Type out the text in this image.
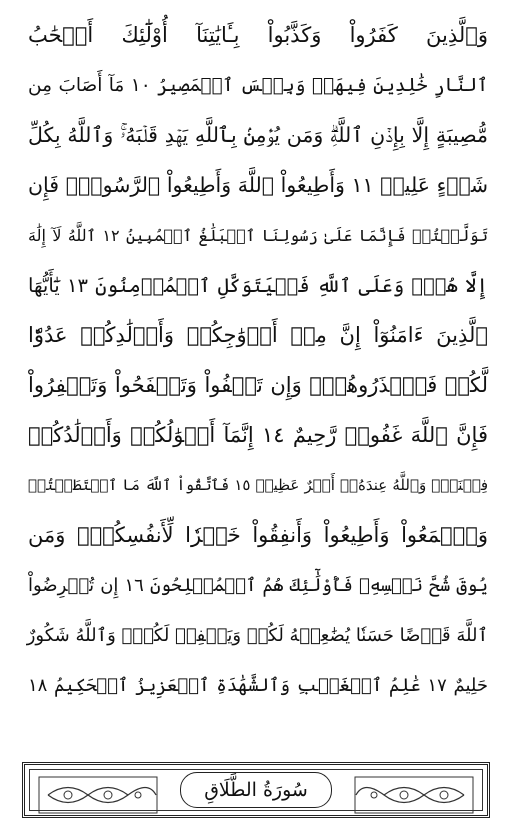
وَٱلَّذِينَ كَفَرُواْ وَكَذَّبُواْ بِـَٔايَٰتِنَآ أُوْلَٰٓئِكَ أَصۡحَٰبُ
ٱلنَّارِ خَٰلِدِينَ فِيهَاۖ وَبِئۡسَ ٱلۡمَصِيرُ ١٠ مَآ أَصَابَ مِن
مُّصِيبَةٍ إِلَّا بِإِذۡنِ ٱللَّهِۗ وَمَن يُؤۡمِنۢ بِٱللَّهِ يَهۡدِ قَلۡبَهُۥۚ وَٱللَّهُ بِكُلِّ
شَيۡءٍ عَلِيمٞ ١١ وَأَطِيعُواْ ٱللَّهَ وَأَطِيعُواْ ٱلرَّسُولَۚ فَإِن
تَوَلَّيۡتُمۡ فَإِنَّمَا عَلَىٰ رَسُولِنَا ٱلۡبَلَٰغُ ٱلۡمُبِينُ ١٢ ٱللَّهُ لَآ إِلَٰهَ
إِلَّا هُوَۚ وَعَلَى ٱللَّهِ فَلۡيَتَوَكَّلِ ٱلۡمُؤۡمِنُونَ ١٣ يَٰٓأَيُّهَا
ٱلَّذِينَ ءَامَنُوٓاْ إِنَّ مِنۡ أَزۡوَٰجِكُمۡ وَأَوۡلَٰدِكُمۡ عَدُوّٗا
لَّكُمۡ فَٱحۡذَرُوهُمۡۚ وَإِن تَعۡفُواْ وَتَصۡفَحُواْ وَتَغۡفِرُواْ
فَإِنَّ ٱللَّهَ غَفُورٞ رَّحِيمٌ ١٤ إِنَّمَآ أَمۡوَٰلُكُمۡ وَأَوۡلَٰدُكُمۡ
فِتۡنَةٞۚ وَٱللَّهُ عِندَهُۥٓ أَجۡرٌ عَظِيمٞ ١٥ فَٱتَّقُواْ ٱللَّهَ مَا ٱسۡتَطَعۡتُمۡ
وَٱسۡمَعُواْ وَأَطِيعُواْ وَأَنفِقُواْ خَيۡرٗا لِّأَنفُسِكُمۡۗ وَمَن
يُوقَ شُحَّ نَفۡسِهِۦ فَأُوْلَٰٓئِكَ هُمُ ٱلۡمُفۡلِحُونَ ١٦ إِن تُقۡرِضُواْ
ٱللَّهَ قَرۡضًا حَسَنٗا يُضَٰعِفۡهُ لَكُمۡ وَيَغۡفِرۡ لَكُمۡۚ وَٱللَّهُ شَكُورٌ
حَلِيمٌ ١٧ عَٰلِمُ ٱلۡغَيۡبِ وَٱلشَّهَٰدَةِ ٱلۡعَزِيزُ ٱلۡحَكِيمُ ١٨
سُورَةُ الطَّلَاقِ
